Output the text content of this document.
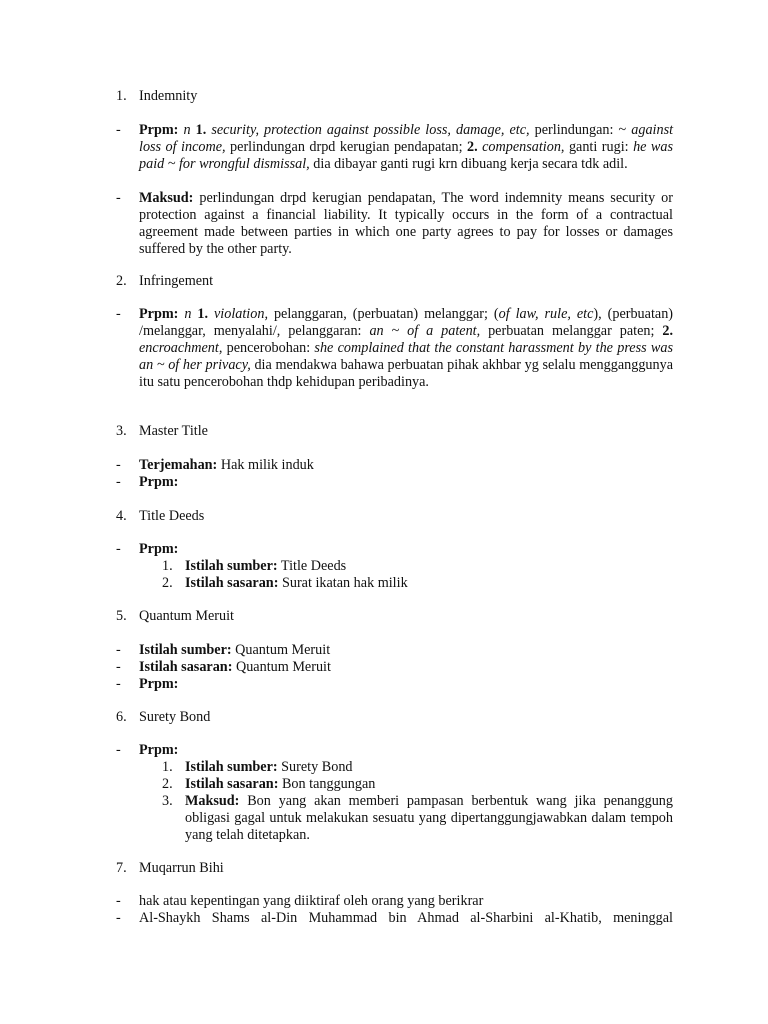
1. Indemnity
- Prpm: n 1. security, protection against possible loss, damage, etc, perlindungan: ~ against loss of income, perlindungan drpd kerugian pendapatan; 2. compensation, ganti rugi: he was paid ~ for wrongful dismissal, dia dibayar ganti rugi krn dibuang kerja secara tdk adil.
- Maksud: perlindungan drpd kerugian pendapatan, The word indemnity means security or protection against a financial liability. It typically occurs in the form of a contractual agreement made between parties in which one party agrees to pay for losses or damages suffered by the other party.
2. Infringement
- Prpm: n 1. violation, pelanggaran, (perbuatan) melanggar; (of law, rule, etc), (perbuatan) /melanggar, menyalahi/, pelanggaran: an ~ of a patent, perbuatan melanggar paten; 2. encroachment, pencerobohan: she complained that the constant harassment by the press was an ~ of her privacy, dia mendakwa bahawa perbuatan pihak akhbar yg selalu mengganggunya itu satu pencerobohan thdp kehidupan peribadinya.
3. Master Title
- Terjemahan: Hak milik induk
- Prpm:
4. Title Deeds
- Prpm:
1. Istilah sumber: Title Deeds
2. Istilah sasaran: Surat ikatan hak milik
5. Quantum Meruit
- Istilah sumber: Quantum Meruit
- Istilah sasaran: Quantum Meruit
- Prpm:
6. Surety Bond
- Prpm:
1. Istilah sumber: Surety Bond
2. Istilah sasaran: Bon tanggungan
3. Maksud: Bon yang akan memberi pampasan berbentuk wang jika penanggung obligasi gagal untuk melakukan sesuatu yang dipertanggungjawabkan dalam tempoh yang telah ditetapkan.
7. Muqarrun Bihi
- hak atau kepentingan yang diiktiraf oleh orang yang berikrar
- Al-Shaykh Shams al-Din Muhammad bin Ahmad al-Sharbini al-Khatib, meninggal
